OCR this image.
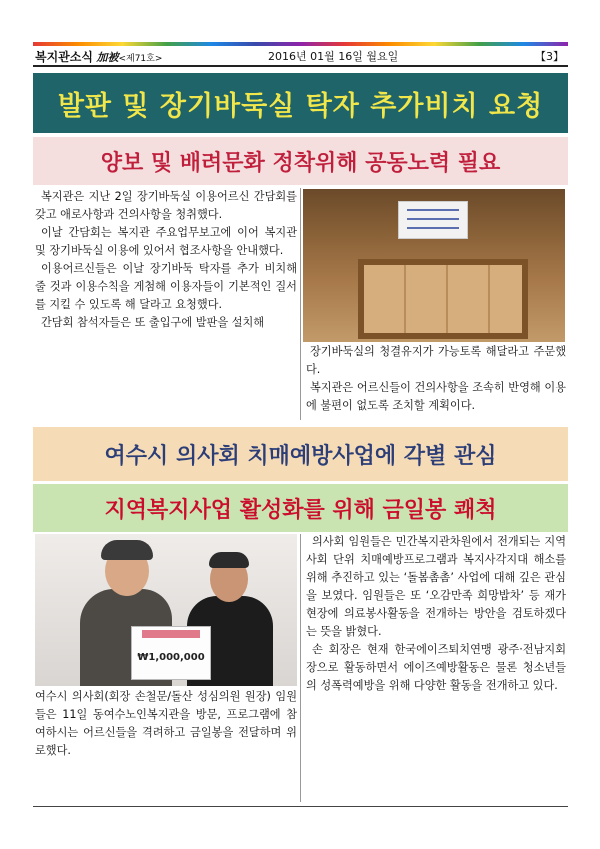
복지관소식 加被<제71호>	2016년 01월 16일 월요일	【3】
발판 및 장기바둑실 탁자 추가비치 요청
양보 및 배려문화 정착위해 공동노력 필요

복지관은 지난 2일 장기바둑실 이용어르신 간담회를 갖고 애로사항과 건의사항을 청취했다.

이날 간담회는 복지관 주요업무보고에 이어 복지관 및 장기바둑실 이용에 있어서 협조사항을 안내했다.

이용어르신들은 이날 장기바둑 탁자를 추가 비치해 줄 것과 이용수칙을 게첨해 이용자들이 기본적인 질서를 지킬 수 있도록 해 달라고 요청했다.

간담회 참석자들은 또 출입구에 발판을 설치해

장기바둑실의 청결유지가 가능토록 해달라고 주문했다.

복지관은 어르신들이 건의사항을 조속히 반영해 이용에 불편이 없도록 조치할 계획이다.

여수시 의사회 치매예방사업에 각별 관심
지역복지사업 활성화를 위해 금일봉 쾌척
₩1,000,000

여수시 의사회(회장 손철문/돌산 성심의원 원장) 임원들은 11일 동여수노인복지관을 방문, 프로그램에 참여하시는 어르신들을 격려하고 금일봉을 전달하며 위로했다.

의사회 임원들은 민간복지관차원에서 전개되는 지역사회 단위 치매예방프로그램과 복지사각지대 해소를 위해 추진하고 있는 ‘돌봄촘촘’ 사업에 대해 깊은 관심을 보였다. 임원들은 또 ‘오감만족 희망밥차’ 등 재가현장에 의료봉사활동을 전개하는 방안을 검토하겠다는 뜻을 밝혔다.

손 회장은 현재 한국에이즈퇴치연맹 광주·전남지회장으로 활동하면서 에이즈예방활동은 물론 청소년들의 성폭력예방을 위해 다양한 활동을 전개하고 있다.
